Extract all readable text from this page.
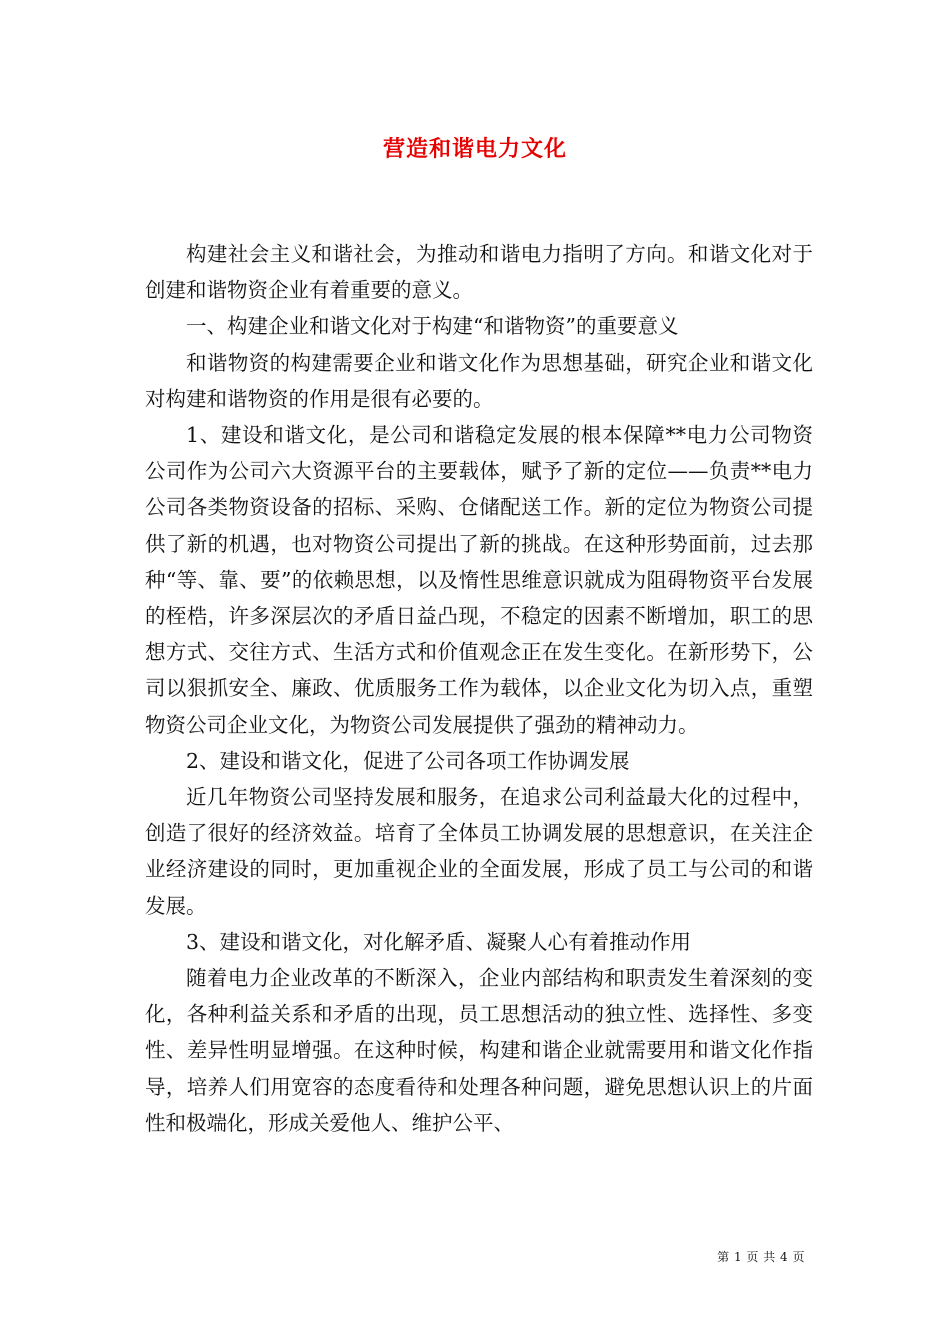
营造和谐电力文化

构建社会主义和谐社会，为推动和谐电力指明了方向。和谐文化对于创建和谐物资企业有着重要的意义。

一、构建企业和谐文化对于构建“和谐物资”的重要意义

和谐物资的构建需要企业和谐文化作为思想基础，研究企业和谐文化对构建和谐物资的作用是很有必要的。

1、建设和谐文化，是公司和谐稳定发展的根本保障**电力公司物资公司作为公司六大资源平台的主要载体，赋予了新的定位——负责**电力公司各类物资设备的招标、采购、仓储配送工作。新的定位为物资公司提供了新的机遇，也对物资公司提出了新的挑战。在这种形势面前，过去那种“等、靠、要”的依赖思想，以及惰性思维意识就成为阻碍物资平台发展的桎梏，许多深层次的矛盾日益凸现，不稳定的因素不断增加，职工的思想方式、交往方式、生活方式和价值观念正在发生变化。在新形势下，公司以狠抓安全、廉政、优质服务工作为载体，以企业文化为切入点，重塑物资公司企业文化，为物资公司发展提供了强劲的精神动力。

2、建设和谐文化，促进了公司各项工作协调发展

近几年物资公司坚持发展和服务，在追求公司利益最大化的过程中，创造了很好的经济效益。培育了全体员工协调发展的思想意识，在关注企业经济建设的同时，更加重视企业的全面发展，形成了员工与公司的和谐发展。

3、建设和谐文化，对化解矛盾、凝聚人心有着推动作用

随着电力企业改革的不断深入，企业内部结构和职责发生着深刻的变化，各种利益关系和矛盾的出现，员工思想活动的独立性、选择性、多变性、差异性明显增强。在这种时候，构建和谐企业就需要用和谐文化作指导，培养人们用宽容的态度看待和处理各种问题，避免思想认识上的片面性和极端化，形成关爱他人、维护公平、

第 1 页 共 4 页
